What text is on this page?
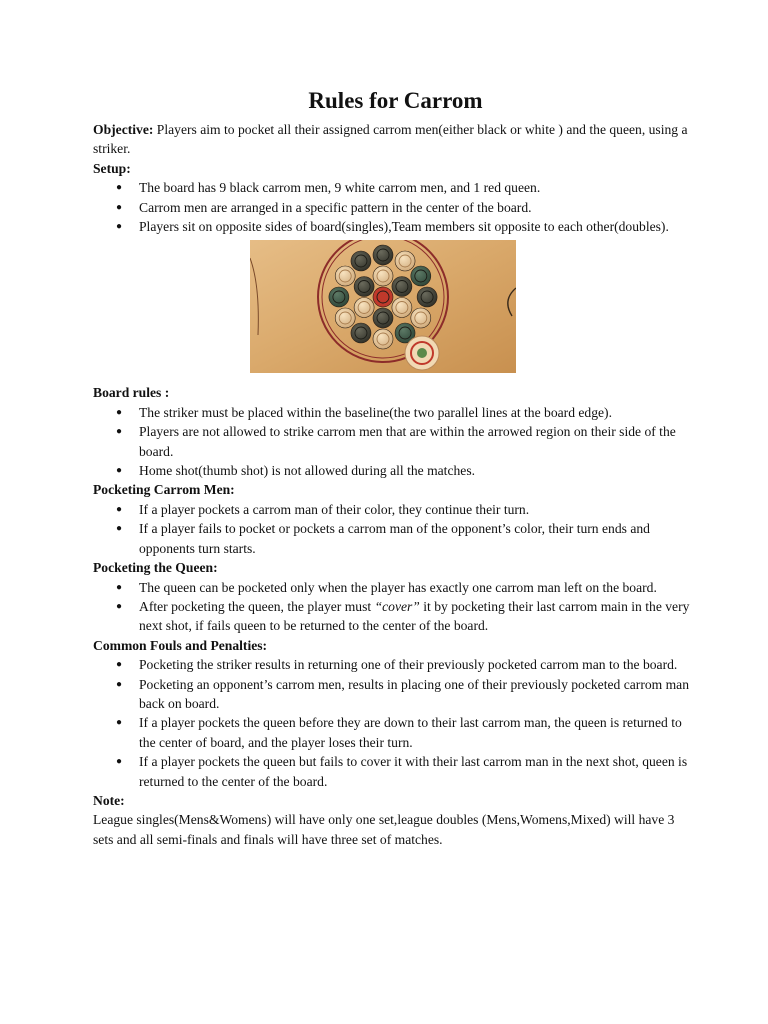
Rules for Carrom

Objective: Players aim to pocket all their assigned carrom men(either black or white ) and the queen, using a striker.

Setup:

● The board has 9 black carrom men, 9 white carrom men, and 1 red queen.
● Carrom men are arranged in a specific pattern in the center of the board.
● Players sit on opposite sides of board(singles),Team members sit opposite to each other(doubles).

Board rules :

● The striker must be placed within the baseline(the two parallel lines at the board edge).
● Players are not allowed to strike carrom men that are within the arrowed region on their side of the board.
● Home shot(thumb shot) is not allowed during all the matches.

Pocketing Carrom Men:

● If a player pockets a carrom man of their color, they continue their turn.
● If a player fails to pocket or pockets a carrom man of the opponent’s color, their turn ends and opponents turn starts.

Pocketing the Queen:

● The queen can be pocketed only when the player has exactly one carrom man left on the board.
● After pocketing the queen, the player must “cover” it by pocketing their last carrom main in the very next shot, if fails queen to be returned to the center of the board.

Common Fouls and Penalties:

● Pocketing the striker results in returning one of their previously pocketed carrom man to the board.
● Pocketing an opponent’s carrom men, results in placing one of their previously pocketed carrom man back on board.
● If a player pockets the queen before they are down to their last carrom man, the queen is returned to the center of board, and the player loses their turn.
● If a player pockets the queen but fails to cover it with their last carrom man in the next shot, queen is returned to the center of the board.

Note:

League singles(Mens&Womens) will have only one set,league doubles (Mens,Womens,Mixed) will have 3 sets and all semi-finals and finals will have three set of matches.
